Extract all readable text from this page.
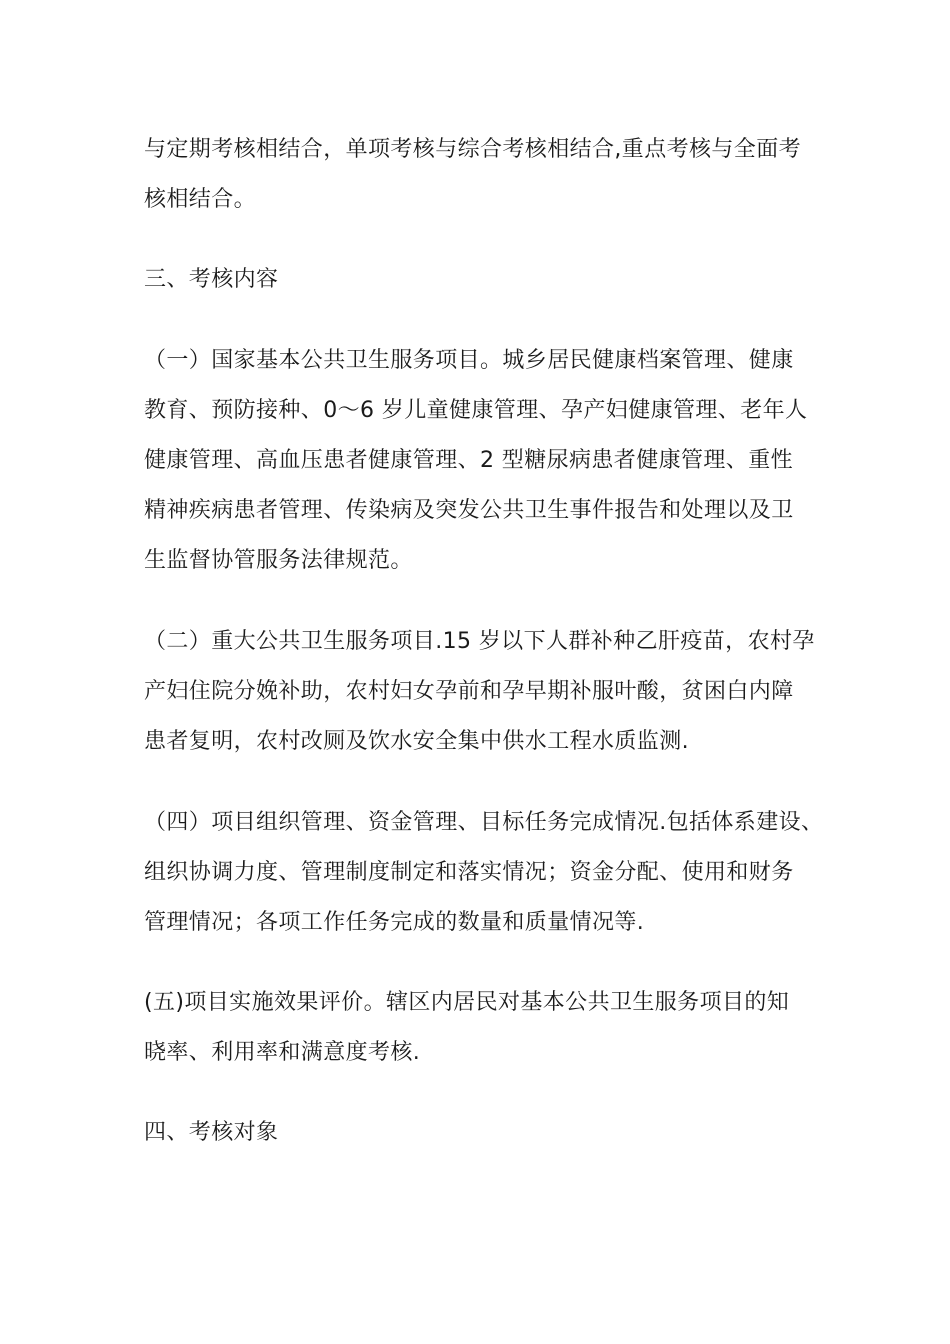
与定期考核相结合，单项考核与综合考核相结合,重点考核与全面考
核相结合。
三、考核内容
（一）国家基本公共卫生服务项目。城乡居民健康档案管理、健康
教育、预防接种、0～6 岁儿童健康管理、孕产妇健康管理、老年人
健康管理、高血压患者健康管理、2 型糖尿病患者健康管理、重性
精神疾病患者管理、传染病及突发公共卫生事件报告和处理以及卫
生监督协管服务法律规范。
（二）重大公共卫生服务项目.15 岁以下人群补种乙肝疫苗，农村孕
产妇住院分娩补助，农村妇女孕前和孕早期补服叶酸，贫困白内障
患者复明，农村改厕及饮水安全集中供水工程水质监测.
（四）项目组织管理、资金管理、目标任务完成情况.包括体系建设、
组织协调力度、管理制度制定和落实情况；资金分配、使用和财务
管理情况；各项工作任务完成的数量和质量情况等.
(五)项目实施效果评价。辖区内居民对基本公共卫生服务项目的知
晓率、利用率和满意度考核.
四、考核对象
